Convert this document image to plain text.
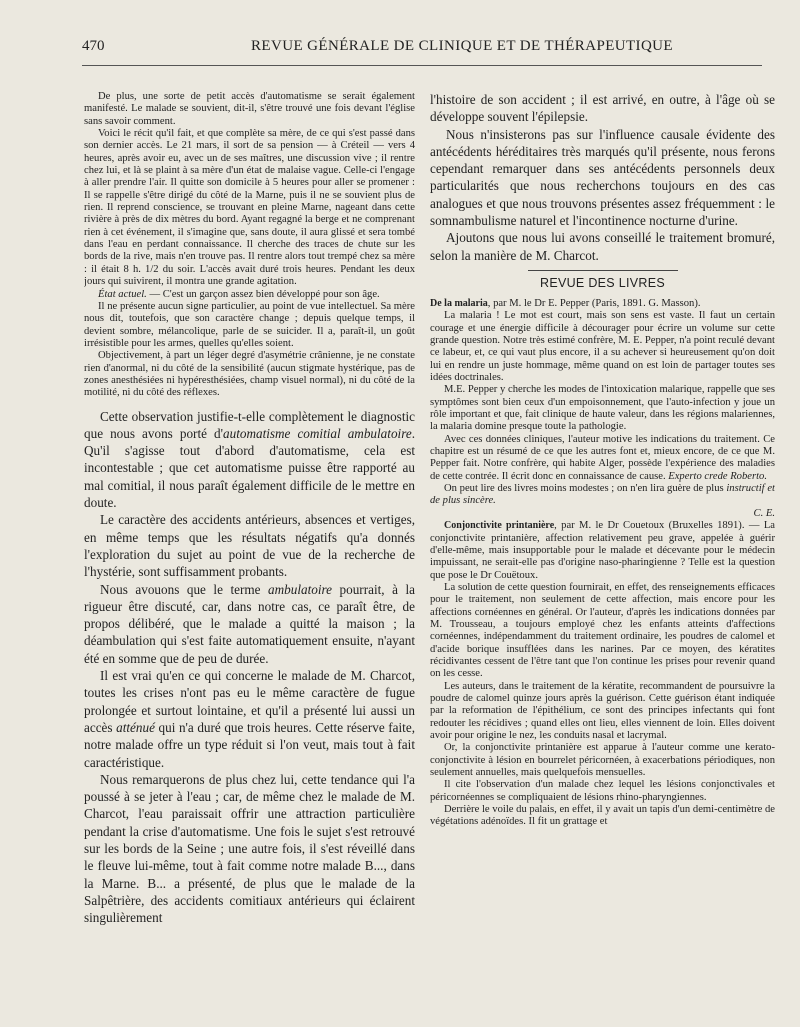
470	REVUE GÉNÉRALE DE CLINIQUE ET DE THÉRAPEUTIQUE

De plus, une sorte de petit accès d'automatisme se serait également manifesté. Le malade se souvient, dit-il, s'être trouvé une fois devant l'église sans savoir comment.

Voici le récit qu'il fait, et que complète sa mère, de ce qui s'est passé dans son dernier accès. Le 21 mars, il sort de sa pension — à Créteil — vers 4 heures, après avoir eu, avec un de ses maîtres, une discussion vive ; il rentre chez lui, et là se plaint à sa mère d'un état de malaise vague. Celle-ci l'engage à aller prendre l'air. Il quitte son domicile à 5 heures pour aller se promener : Il se rappelle s'être dirigé du côté de la Marne, puis il ne se souvient plus de rien. Il reprend conscience, se trouvant en pleine Marne, nageant dans cette rivière à près de dix mètres du bord. Ayant regagné la berge et ne comprenant rien à cet événement, il s'imagine que, sans doute, il aura glissé et sera tombé dans l'eau en perdant connaissance. Il cherche des traces de chute sur les bords de la rive, mais n'en trouve pas. Il rentre alors tout trempé chez sa mère : il était 8 h. 1/2 du soir. L'accès avait duré trois heures. Pendant les deux jours qui suivirent, il montra une grande agitation.

État actuel. — C'est un garçon assez bien développé pour son âge.

Il ne présente aucun signe particulier, au point de vue intellectuel. Sa mère nous dit, toutefois, que son caractère change ; depuis quelque temps, il devient sombre, mélancolique, parle de se suicider. Il a, paraît-il, un goût irrésistible pour les armes, quelles qu'elles soient.

Objectivement, à part un léger degré d'asymétrie crânienne, je ne constate rien d'anormal, ni du côté de la sensibilité (aucun stigmate hystérique, pas de zones anesthésiées ni hypéresthésiées, champ visuel normal), ni du côté de la motilité, ni du côté des réflexes.

Cette observation justifie-t-elle complètement le diagnostic que nous avons porté d'automatisme comitial ambulatoire. Qu'il s'agisse tout d'abord d'automatisme, cela est incontestable ; que cet automatisme puisse être rapporté au mal comitial, il nous paraît également difficile de le mettre en doute.

Le caractère des accidents antérieurs, absences et vertiges, en même temps que les résultats négatifs qu'a donnés l'exploration du sujet au point de vue de la recherche de l'hystérie, sont suffisamment probants.

Nous avouons que le terme ambulatoire pourrait, à la rigueur être discuté, car, dans notre cas, ce paraît être, de propos délibéré, que le malade a quitté la maison ; la déambulation qui s'est faite automatiquement ensuite, n'ayant été en somme que de peu de durée.

Il est vrai qu'en ce qui concerne le malade de M. Charcot, toutes les crises n'ont pas eu le même caractère de fugue prolongée et surtout lointaine, et qu'il a présenté lui aussi un accès atténué qui n'a duré que trois heures. Cette réserve faite, notre malade offre un type réduit si l'on veut, mais tout à fait caractéristique.

Nous remarquerons de plus chez lui, cette tendance qui l'a poussé à se jeter à l'eau ; car, de même chez le malade de M. Charcot, l'eau paraissait offrir une attraction particulière pendant la crise d'automatisme. Une fois le sujet s'est retrouvé sur les bords de la Seine ; une autre fois, il s'est réveillé dans le fleuve lui-même, tout à fait comme notre malade B..., dans la Marne. B... a présenté, de plus que le malade de la Salpêtrière, des accidents comitiaux antérieurs qui éclairent singulièrement

l'histoire de son accident ; il est arrivé, en outre, à l'âge où se développe souvent l'épilepsie.

Nous n'insisterons pas sur l'influence causale évidente des antécédents héréditaires très marqués qu'il présente, nous ferons cependant remarquer dans ses antécédents personnels deux particularités que nous recherchons toujours en des cas analogues et que nous trouvons présentes assez fréquemment : le somnambulisme naturel et l'incontinence nocturne d'urine.

Ajoutons que nous lui avons conseillé le traitement bromuré, selon la manière de M. Charcot.

REVUE DES LIVRES

De la malaria, par M. le Dr E. Pepper (Paris, 1891. G. Masson).

La malaria ! Le mot est court, mais son sens est vaste. Il faut un certain courage et une énergie difficile à décourager pour écrire un volume sur cette grande question. Notre très estimé confrère, M. E. Pepper, n'a point reculé devant ce labeur, et, ce qui vaut plus encore, il a su achever si heureusement qu'on doit lui en rendre un juste hommage, même quand on est loin de partager toutes ses idées doctrinales.

M.E. Pepper y cherche les modes de l'intoxication malarique, rappelle que ses symptômes sont bien ceux d'un empoisonnement, que l'auto-infection y joue un rôle important et que, fait clinique de haute valeur, dans les régions malariennes, la malaria domine presque toute la pathologie.

Avec ces données cliniques, l'auteur motive les indications du traitement. Ce chapitre est un résumé de ce que les autres font et, mieux encore, de ce que M. Pepper fait. Notre confrère, qui habite Alger, possède l'expérience des maladies de cette contrée. Il écrit donc en connaissance de cause. Experto crede Roberto.

On peut lire des livres moins modestes ; on n'en lira guère de plus instructif et de plus sincère.

C. E.

Conjonctivite printanière, par M. le Dr Couetoux (Bruxelles 1891). — La conjonctivite printanière, affection relativement peu grave, appelée à guérir d'elle-même, mais insupportable pour le malade et décevante pour le médecin impuissant, ne serait-elle pas d'origine naso-pharingienne ? Telle est la question que pose le Dr Couëtoux.

La solution de cette question fournirait, en effet, des renseignements efficaces pour le traitement, non seulement de cette affection, mais encore pour les affections cornéennes en général. Or l'auteur, d'après les indications données par M. Trousseau, a toujours employé chez les enfants atteints d'affections cornéennes, indépendamment du traitement ordinaire, les poudres de calomel et d'acide borique insufflées dans les narines. Par ce moyen, des kératites récidivantes cessent de l'être tant que l'on continue les prises pour revenir quand on les cesse.

Les auteurs, dans le traitement de la kératite, recommandent de poursuivre la poudre de calomel quinze jours après la guérison. Cette guérison étant indiquée par la reformation de l'épithélium, ce sont des principes infectants qui font redouter les récidives ; quand elles ont lieu, elles viennent de loin. Elles doivent avoir pour origine le nez, les conduits nasal et lacrymal.

Or, la conjonctivite printanière est apparue à l'auteur comme une kerato-conjonctivite à lésion en bourrelet péricornéen, à exacerbations périodiques, non seulement annuelles, mais quelquefois mensuelles.

Il cite l'observation d'un malade chez lequel les lésions conjonctivales et péricornéennes se compliquaient de lésions rhino-pharyngiennes.

Derrière le voile du palais, en effet, il y avait un tapis d'un demi-centimètre de végétations adénoïdes. Il fit un grattage et
